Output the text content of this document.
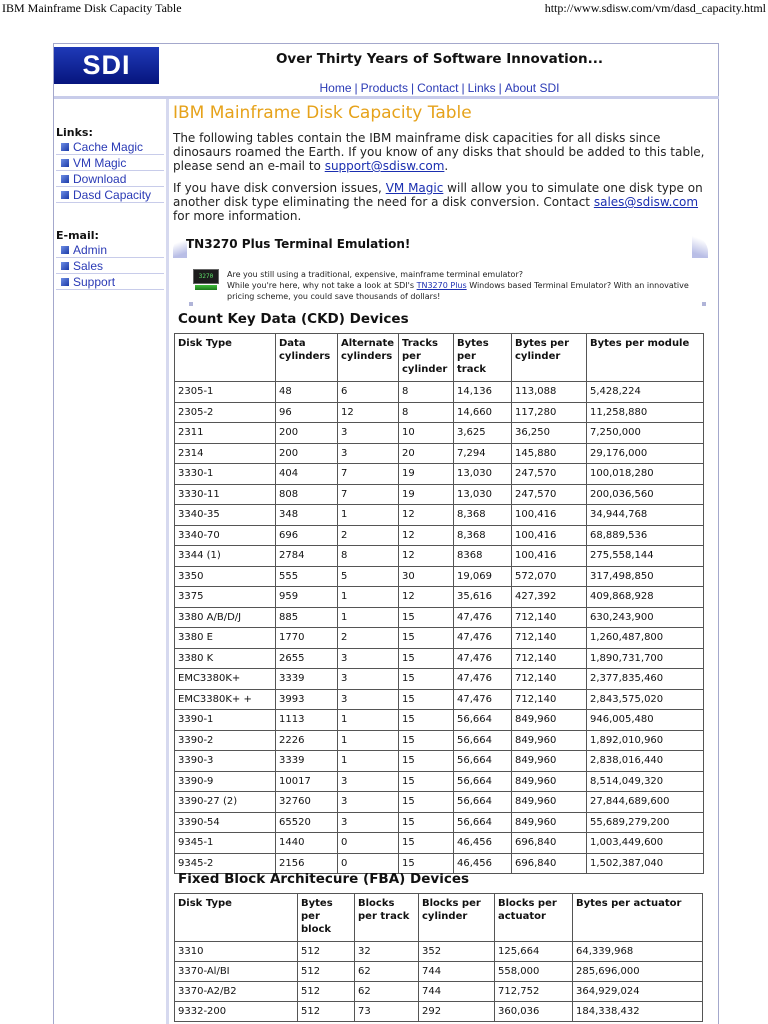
IBM Mainframe Disk Capacity Table	http://www.sdisw.com/vm/dasd_capacity.html
SDI	Over Thirty Years of Software Innovation...
Home | Products | Contact | Links | About SDI
Links:
Cache Magic
VM Magic
Download
Dasd Capacity
E-mail:
Admin
Sales
Support
IBM Mainframe Disk Capacity Table

The following tables contain the IBM mainframe disk capacities for all disks since dinosaurs roamed the Earth. If you know of any disks that should be added to this table, please send an e-mail to support@sdisw.com.

If you have disk conversion issues, VM Magic will allow you to simulate one disk type on another disk type eliminating the need for a disk conversion. Contact sales@sdisw.com for more information.

TN3270 Plus Terminal Emulation!
3270	Are you still using a traditional, expensive, mainframe terminal emulator?
While you're here, why not take a look at SDI's TN3270 Plus Windows based Terminal Emulator? With an innovative pricing scheme, you could save thousands of dollars!
Count Key Data (CKD) Devices
Disk Type	Data cylinders	Alternate cylinders	Tracks per cylinder	Bytes per track	Bytes per cylinder	Bytes per module
2305-1	48	6	8	14,136	113,088	5,428,224
2305-2	96	12	8	14,660	117,280	11,258,880
2311	200	3	10	3,625	36,250	7,250,000
2314	200	3	20	7,294	145,880	29,176,000
3330-1	404	7	19	13,030	247,570	100,018,280
3330-11	808	7	19	13,030	247,570	200,036,560
3340-35	348	1	12	8,368	100,416	34,944,768
3340-70	696	2	12	8,368	100,416	68,889,536
3344 (1)	2784	8	12	8368	100,416	275,558,144
3350	555	5	30	19,069	572,070	317,498,850
3375	959	1	12	35,616	427,392	409,868,928
3380 A/B/D/J	885	1	15	47,476	712,140	630,243,900
3380 E	1770	2	15	47,476	712,140	1,260,487,800
3380 K	2655	3	15	47,476	712,140	1,890,731,700
EMC3380K+	3339	3	15	47,476	712,140	2,377,835,460
EMC3380K+ +	3993	3	15	47,476	712,140	2,843,575,020
3390-1	1113	1	15	56,664	849,960	946,005,480
3390-2	2226	1	15	56,664	849,960	1,892,010,960
3390-3	3339	1	15	56,664	849,960	2,838,016,440
3390-9	10017	3	15	56,664	849,960	8,514,049,320
3390-27 (2)	32760	3	15	56,664	849,960	27,844,689,600
3390-54	65520	3	15	56,664	849,960	55,689,279,200
9345-1	1440	0	15	46,456	696,840	1,003,449,600
9345-2	2156	0	15	46,456	696,840	1,502,387,040
Fixed Block Architecure (FBA) Devices
Disk Type	Bytes per block	Blocks per track	Blocks per cylinder	Blocks per actuator	Bytes per actuator
3310	512	32	352	125,664	64,339,968
3370-Al/BI	512	62	744	558,000	285,696,000
3370-A2/B2	512	62	744	712,752	364,929,024
9332-200	512	73	292	360,036	184,338,432
